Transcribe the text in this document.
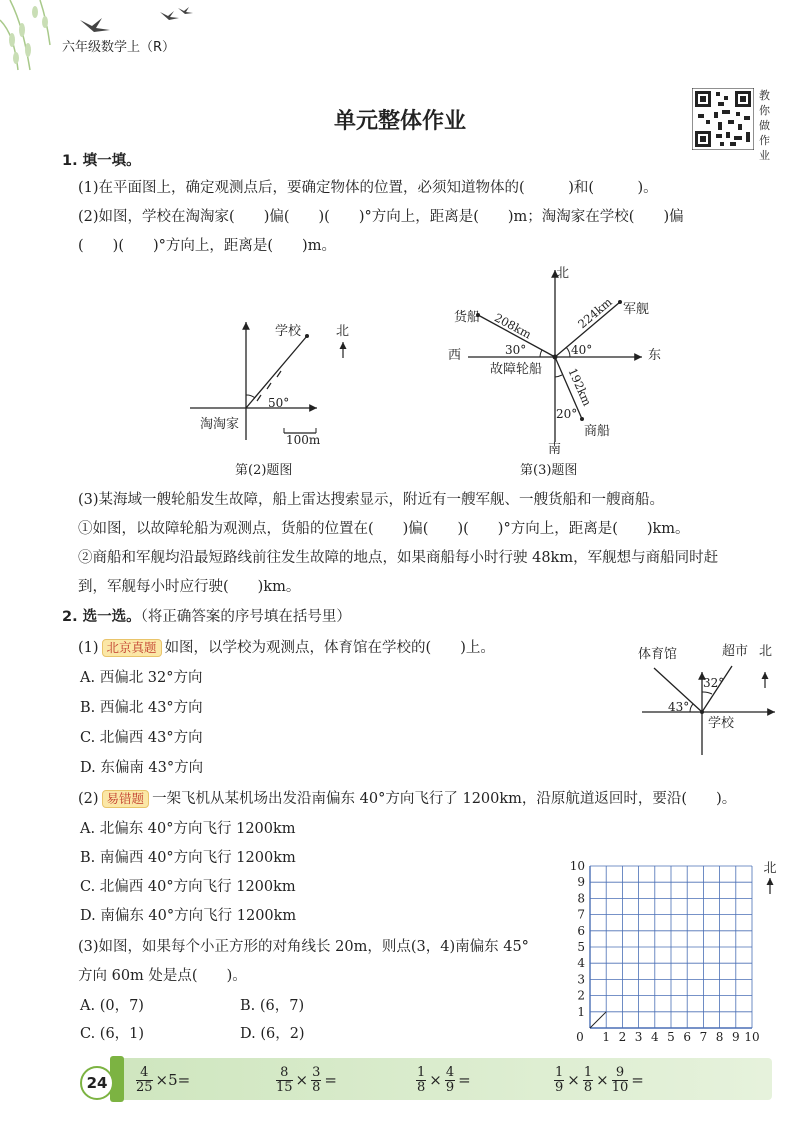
六年级数学上（R）
单元整体作业
教你做作业
1. 填一填。
(1)在平面图上，确定观测点后，要确定物体的位置，必须知道物体的(　　　)和(　　　)。
(2)如图，学校在淘淘家(　　)偏(　　)(　　)°方向上，距离是(　　)m；淘淘家在学校(　　)偏
(　　)(　　)°方向上，距离是(　　)m。
学校	北
50°
淘淘家
100m
第(2)题图
北
军舰
货船 208km	224km
30°	40°
西	东
故障轮船 192km
20°
商船
南
第(3)题图
(3)某海域一艘轮船发生故障，船上雷达搜索显示，附近有一艘军舰、一艘货船和一艘商船。
①如图，以故障轮船为观测点，货船的位置在(　　)偏(　　)(　　)°方向上，距离是(　　)km。
②商船和军舰均沿最短路线前往发生故障的地点，如果商船每小时行驶 48km，军舰想与商船同时赶
到，军舰每小时应行驶(　　)km。
2. 选一选。（将正确答案的序号填在括号里）
(1) 北京真题 如图，以学校为观测点，体育馆在学校的(　　)上。
A. 西偏北 32°方向
B. 西偏北 43°方向
C. 北偏西 43°方向
D. 东偏南 43°方向
体育馆	超市 北
32°
43°
学校
(2) 易错题 一架飞机从某机场出发沿南偏东 40°方向飞行了 1200km，沿原航道返回时，要沿(　　)。
A. 北偏东 40°方向飞行 1200km
B. 南偏西 40°方向飞行 1200km
C. 北偏西 40°方向飞行 1200km
D. 南偏东 40°方向飞行 1200km
(3)如图，如果每个小正方形的对角线长 20m，则点(3，4)南偏东 45°
方向 60m 处是点(　　)。
A. (0，7)	B. (6，7)
C. (6，1)	D. (6，2)	0 1 2 3 4 5 6 7 8 9 10
1
2
3
4
5
6
7
8
9
10	北
24	$\frac{4}{25} \times 5=$	$\frac{8}{15} \times \frac{3}{8}$ =	$\frac{1}{8} \times \frac{4}{9}$ =	$\frac{1}{9} \times \frac{1}{8} \times \frac{9}{10}$ =
